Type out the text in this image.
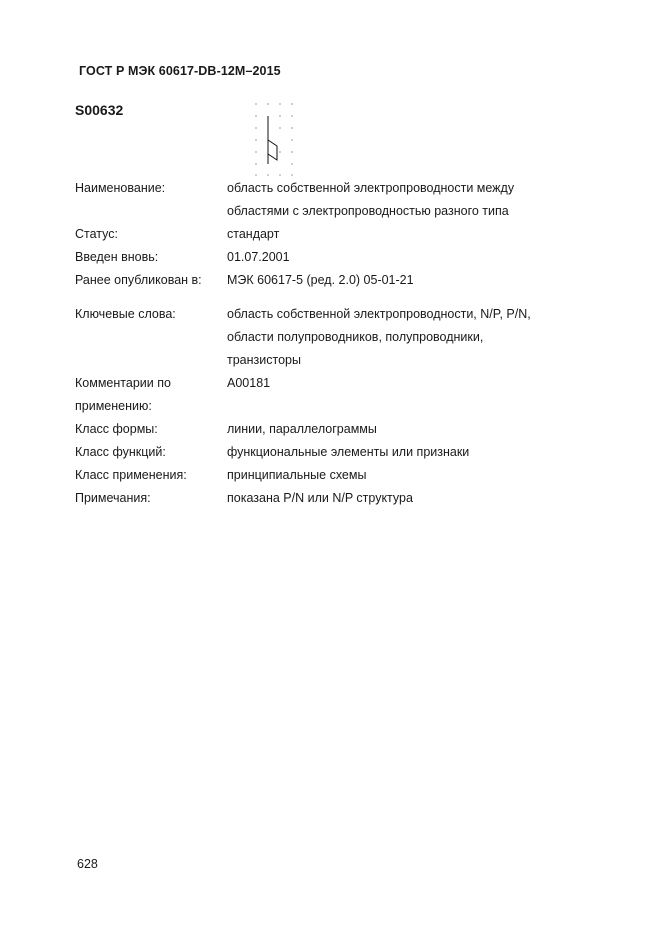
ГОСТ Р МЭК 60617-DB-12M–2015
S00632
Наименование:	область собственной электропроводности между
областями с электропроводностью разного типа
Статус:	стандарт
Введен вновь:	01.07.2001
Ранее опубликован в:	МЭК 60617-5 (ред. 2.0) 05-01-21
Ключевые слова:	область собственной электропроводности, N/P, P/N,
области полупроводников, полупроводники,
транзисторы
Комментарии по
применению:
A00181
Класс формы:	линии, параллелограммы
Класс функций:	функциональные элементы или признаки
Класс применения:	принципиальные схемы
Примечания:	показана P/N или N/P структура
628
